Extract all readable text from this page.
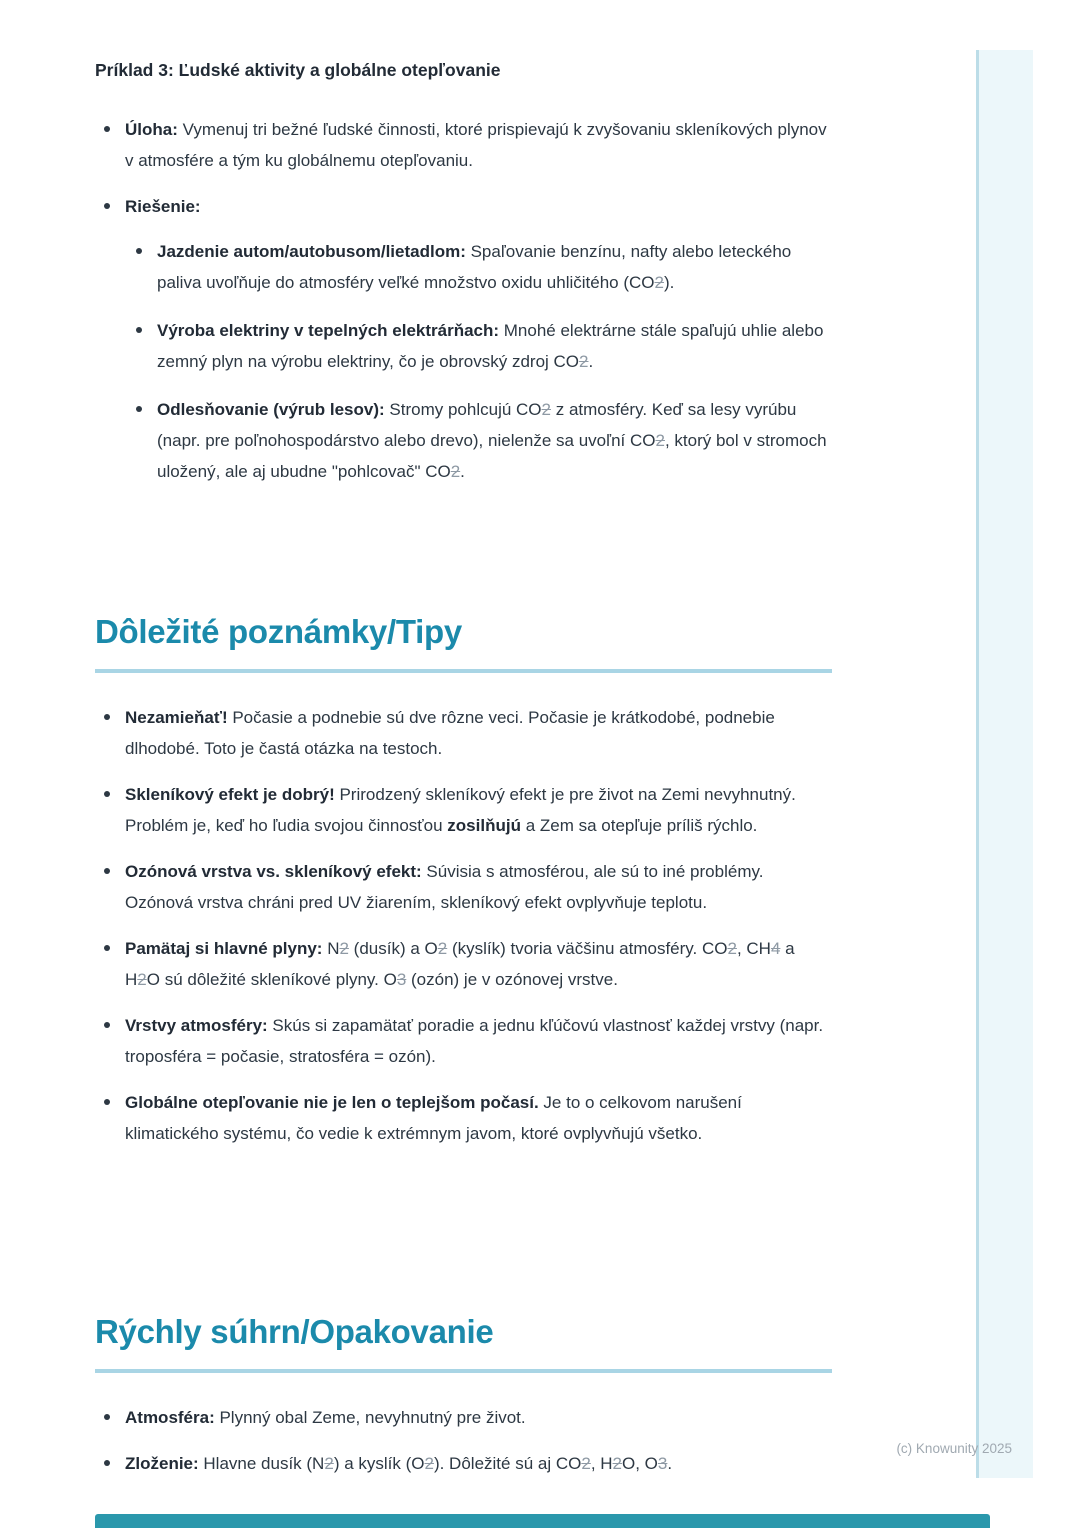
(c) Knowunity 2025

Príklad 3: Ľudské aktivity a globálne otepľovanie

Úloha: Vymenuj tri bežné ľudské činnosti, ktoré prispievajú k zvyšovaniu skleníkových plynov v atmosfére a tým ku globálnemu otepľovaniu.
Riešenie:
Jazdenie autom/autobusom/lietadlom: Spaľovanie benzínu, nafty alebo leteckého paliva uvoľňuje do atmosféry veľké množstvo oxidu uhličitého (CO2).
Výroba elektriny v tepelných elektrárňach: Mnohé elektrárne stále spaľujú uhlie alebo zemný plyn na výrobu elektriny, čo je obrovský zdroj CO2.
Odlesňovanie (výrub lesov): Stromy pohlcujú CO2 z atmosféry. Keď sa lesy vyrúbu (napr. pre poľnohospodárstvo alebo drevo), nielenže sa uvoľní CO2, ktorý bol v stromoch uložený, ale aj ubudne "pohlcovač" CO2.
Dôležité poznámky/Tipy
Nezamieňať! Počasie a podnebie sú dve rôzne veci. Počasie je krátkodobé, podnebie dlhodobé. Toto je častá otázka na testoch.
Skleníkový efekt je dobrý! Prirodzený skleníkový efekt je pre život na Zemi nevyhnutný. Problém je, keď ho ľudia svojou činnosťou zosilňujú a Zem sa otepľuje príliš rýchlo.
Ozónová vrstva vs. skleníkový efekt: Súvisia s atmosférou, ale sú to iné problémy. Ozónová vrstva chráni pred UV žiarením, skleníkový efekt ovplyvňuje teplotu.
Pamätaj si hlavné plyny: N2 (dusík) a O2 (kyslík) tvoria väčšinu atmosféry. CO2, CH4 a H2O sú dôležité skleníkové plyny. O3 (ozón) je v ozónovej vrstve.
Vrstvy atmosféry: Skús si zapamätať poradie a jednu kľúčovú vlastnosť každej vrstvy (napr. troposféra = počasie, stratosféra = ozón).
Globálne otepľovanie nie je len o teplejšom počasí. Je to o celkovom narušení klimatického systému, čo vedie k extrémnym javom, ktoré ovplyvňujú všetko.
Rýchly súhrn/Opakovanie
Atmosféra: Plynný obal Zeme, nevyhnutný pre život.
Zloženie: Hlavne dusík (N2) a kyslík (O2). Dôležité sú aj CO2, H2O, O3.
